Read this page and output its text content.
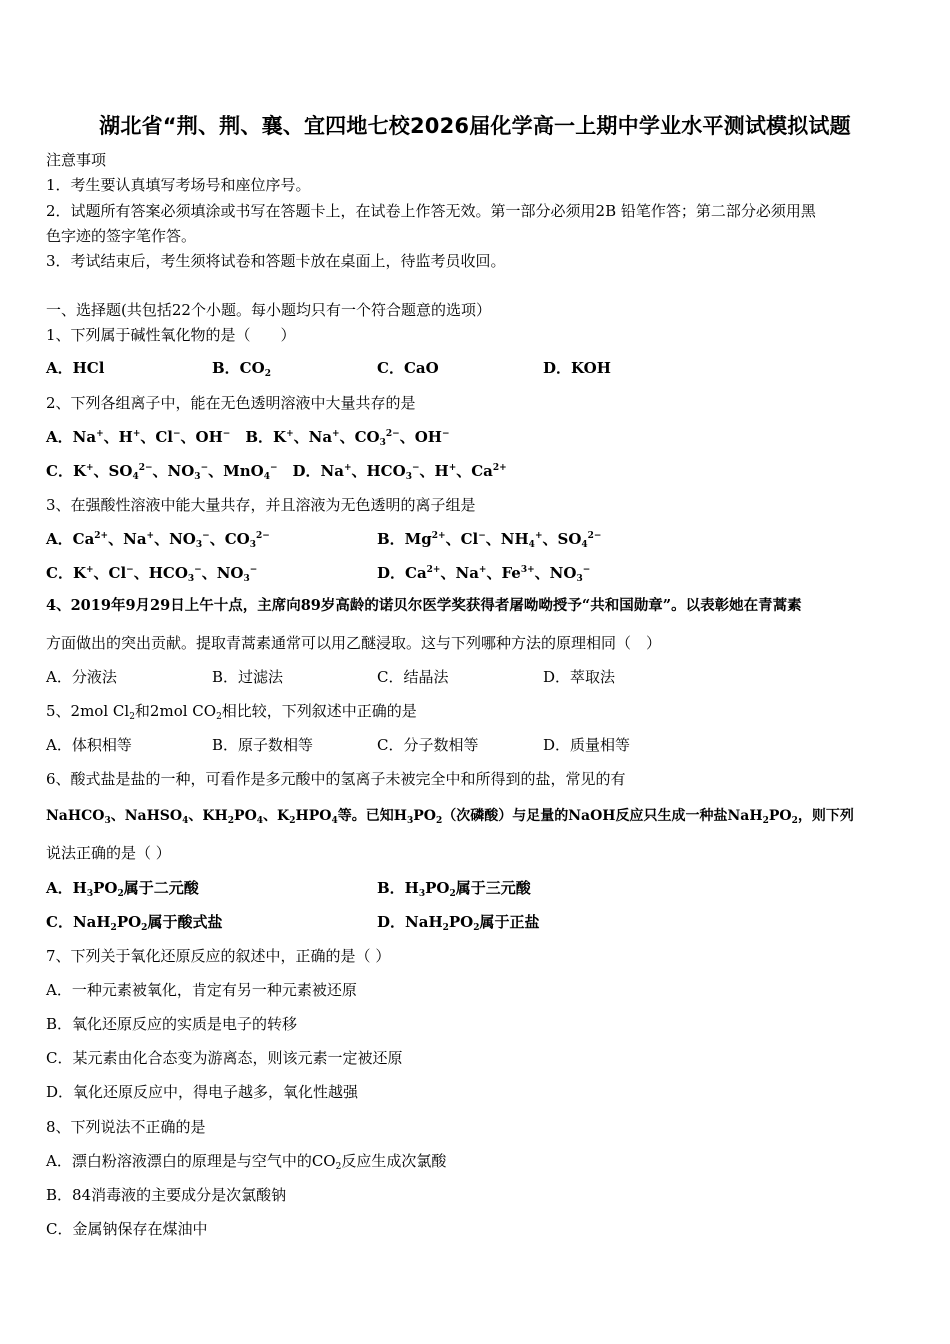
湖北省“荆、荆、襄、宜四地七校2026届化学高一上期中学业水平测试模拟试题
注意事项
1．考生要认真填写考场号和座位序号。
2．试题所有答案必须填涂或书写在答题卡上，在试卷上作答无效。第一部分必须用2B 铅笔作答；第二部分必须用黑
色字迹的签字笔作答。
3．考试结束后，考生须将试卷和答题卡放在桌面上，待监考员收回。
一、选择题(共包括22个小题。每小题均只有一个符合题意的选项）
1、下列属于碱性氧化物的是（　　）
A．HCl	B．$CO_2$	C．CaO	D．KOH
2、下列各组离子中，能在无色透明溶液中大量共存的是
A．Na+、H+、Cl−、OH−　B．K+、Na+、$CO_3^{2-}$、OH−
C．K+、$SO_4^{2-}$、$NO_3^-$、MnO$_4$−　D．Na+、$HCO_3^-$、H+、$Ca^{2+}$
3、在强酸性溶液中能大量共存，并且溶液为无色透明的离子组是
A．$Ca^{2+}$、Na+、$NO_3^-$、$CO_3^{2-}$	B．$Mg^{2+}$、Cl−、$NH_4^+$、$SO_4^{2-}$
C．K+、Cl−、$HCO_3^-$、$NO_3^-$	D．$Ca^{2+}$、Na+、$Fe^{3+}$、$NO_3^-$
4、2019年9月29日上午十点，主席向89岁高龄的诺贝尔医学奖获得者屠呦呦授予“共和国勋章”。以表彰她在青蒿素
方面做出的突出贡献。提取青蒿素通常可以用乙醚浸取。这与下列哪种方法的原理相同（　）
A．分液法	B．过滤法	C．结晶法	D．萃取法
5、2mol $Cl_2$和2mol $CO_2$相比较，下列叙述中正确的是
A．体积相等	B．原子数相等	C．分子数相等	D．质量相等
6、酸式盐是盐的一种，可看作是多元酸中的氢离子未被完全中和所得到的盐，常见的有
NaHCO$_3$、NaHSO$_4$、$KH_2PO_4$、$K_2HPO_4$等。已知$H_3PO_2$（次磷酸）与足量的NaOH反应只生成一种盐$NaH_2PO_2$，则下列
说法正确的是（ ）
A．$H_3PO_2$属于二元酸	B．$H_3PO_2$属于三元酸
C．$NaH_2PO_2$属于酸式盐	D．$NaH_2PO_2$属于正盐
7、下列关于氧化还原反应的叙述中，正确的是（ ）
A．一种元素被氧化，肯定有另一种元素被还原
B．氧化还原反应的实质是电子的转移
C．某元素由化合态变为游离态，则该元素一定被还原
D．氧化还原反应中，得电子越多，氧化性越强
8、下列说法不正确的是
A．漂白粉溶液漂白的原理是与空气中的$CO_2$反应生成次氯酸
B．84消毒液的主要成分是次氯酸钠
C．金属钠保存在煤油中
